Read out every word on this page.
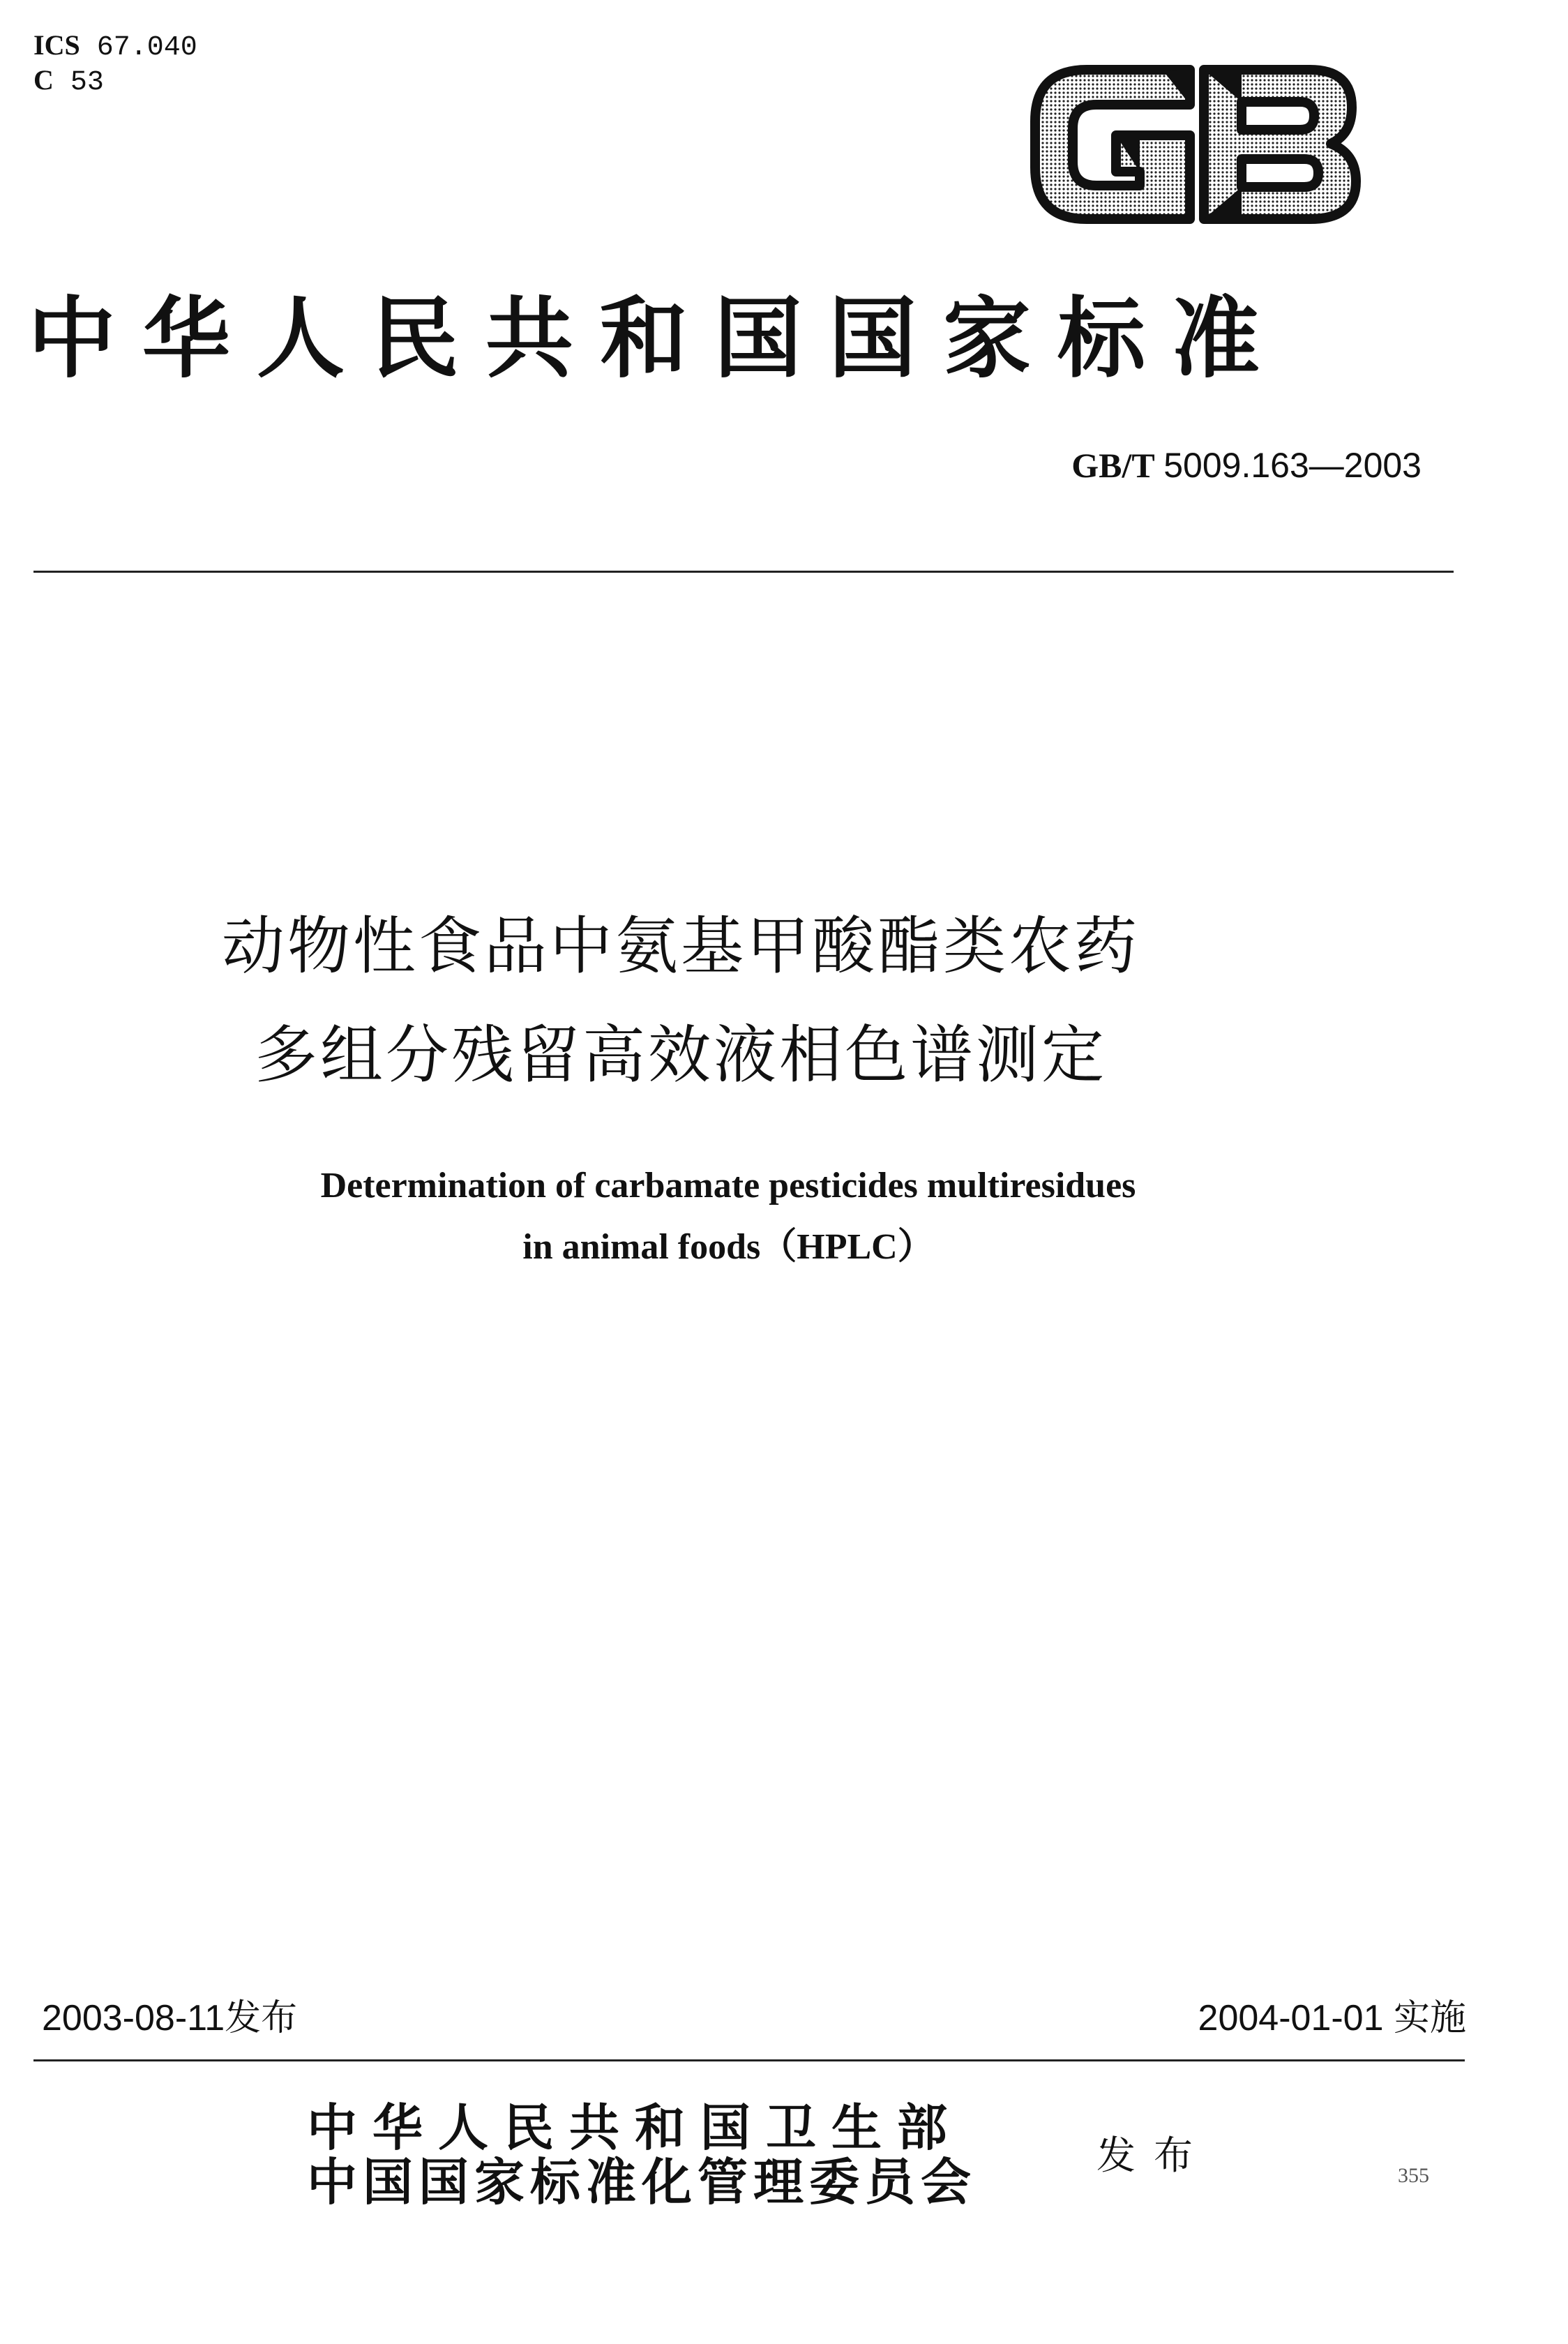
ICS 67.040
C 53
中华人民共和国国家标准
GB/T 5009.163—2003
动物性食品中氨基甲酸酯类农药
多组分残留高效液相色谱测定
Determination of carbamate pesticides multiresidues
in animal foods（HPLC）
2003-08-11发布	2004-01-01 实施
中华人民共和国卫生部
中国国家标准化管理委员会	发布	355
